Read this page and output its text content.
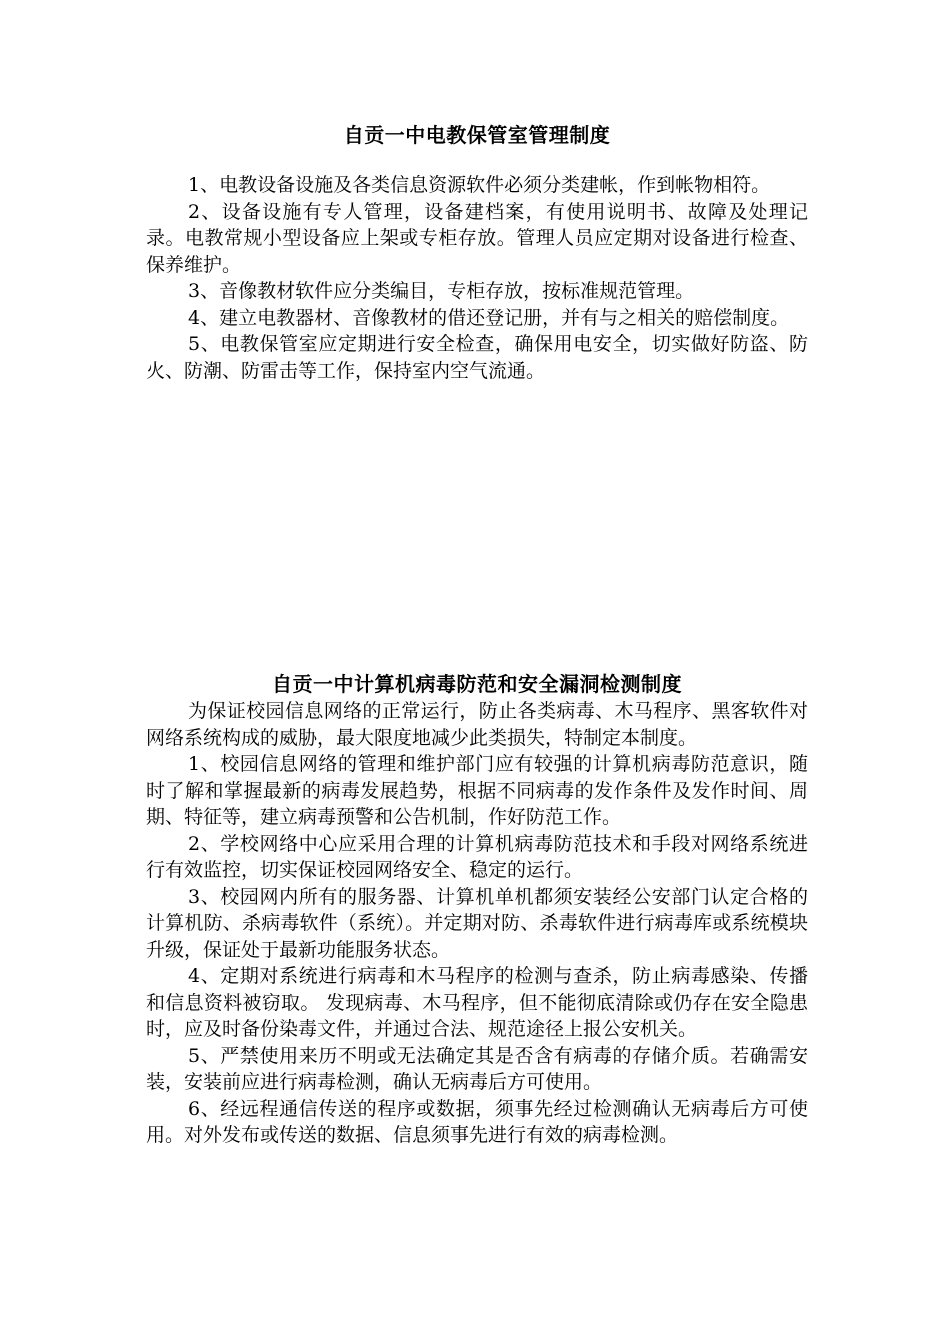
自贡一中电教保管室管理制度

1、电教设备设施及各类信息资源软件必须分类建帐，作到帐物相符。

2、设备设施有专人管理，设备建档案，有使用说明书、故障及处理记录。电教常规小型设备应上架或专柜存放。管理人员应定期对设备进行检查、保养维护。

3、音像教材软件应分类编目，专柜存放，按标准规范管理。

4、建立电教器材、音像教材的借还登记册，并有与之相关的赔偿制度。

5、电教保管室应定期进行安全检查，确保用电安全，切实做好防盗、防火、防潮、防雷击等工作，保持室内空气流通。

自贡一中计算机病毒防范和安全漏洞检测制度

为保证校园信息网络的正常运行，防止各类病毒、木马程序、黑客软件对网络系统构成的威胁，最大限度地减少此类损失，特制定本制度。

1、校园信息网络的管理和维护部门应有较强的计算机病毒防范意识，随时了解和掌握最新的病毒发展趋势，根据不同病毒的发作条件及发作时间、周期、特征等，建立病毒预警和公告机制，作好防范工作。

2、学校网络中心应采用合理的计算机病毒防范技术和手段对网络系统进行有效监控，切实保证校园网络安全、稳定的运行。

3、校园网内所有的服务器、计算机单机都须安装经公安部门认定合格的计算机防、杀病毒软件（系统）。并定期对防、杀毒软件进行病毒库或系统模块升级，保证处于最新功能服务状态。

4、定期对系统进行病毒和木马程序的检测与查杀，防止病毒感染、传播和信息资料被窃取。 发现病毒、木马程序，但不能彻底清除或仍存在安全隐患时，应及时备份染毒文件，并通过合法、规范途径上报公安机关。

5、严禁使用来历不明或无法确定其是否含有病毒的存储介质。若确需安装，安装前应进行病毒检测，确认无病毒后方可使用。

6、经远程通信传送的程序或数据，须事先经过检测确认无病毒后方可使用。对外发布或传送的数据、信息须事先进行有效的病毒检测。
